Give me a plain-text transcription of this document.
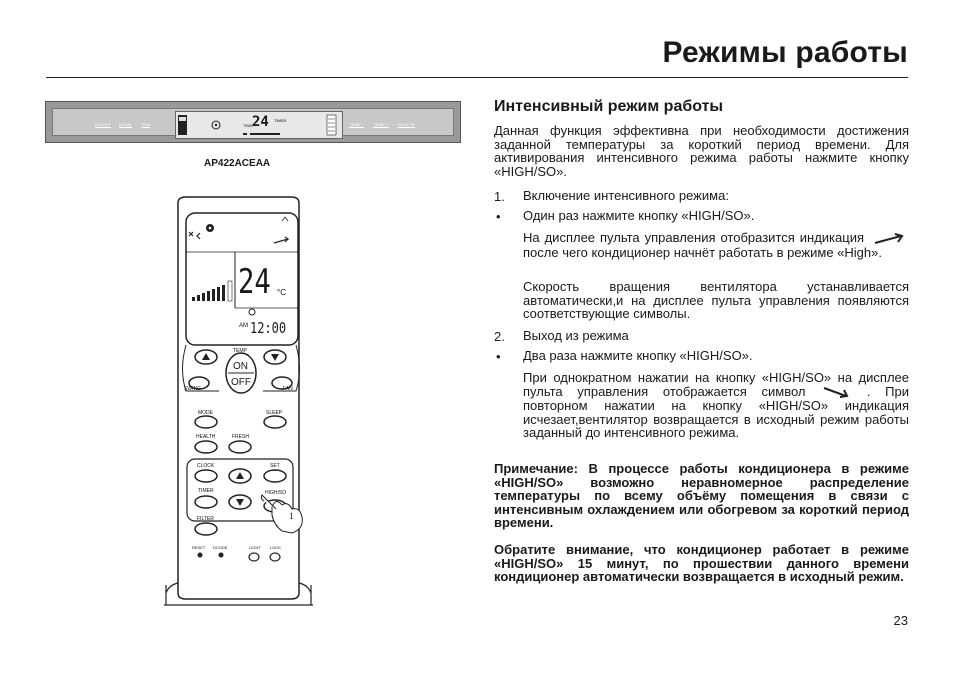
Режимы работы
ON/OFF MODE	FAN	TEMP
24 TIMER
TEMP - TEMP + HEALTH
AP422ACEAA
24 °C
AM 12:00
TEMP
ON
OFF
SWING	FAN
MODE	SLEEP
HEALTH	FRESH
CLOCK	SET
TIMER	HIGH/SO
1
FILTER
RESET DCODE	LIGHT LOCK
Интенсивный режим работы
Данная функция эффективна при необходимости достижения заданной температуры за короткий период времени. Для активирования интенсивного режима работы нажмите кнопку «HIGH/SO».
1. Включение интенсивного режима:
• Один раз нажмите кнопку «HIGH/SO».
На дисплее пульта управления отобразится индикация  после чего кондиционер начнёт работать в режиме «High».
Скорость вращения вентилятора устанавливается автоматически,и на дисплее пульта управления появляются соответствующие символы.
2. Выход из режима
• Два раза нажмите кнопку «HIGH/SO».
При однократном нажатии на кнопку «HIGH/SO» на дисплее пульта управления отображается символ	. При повторном нажатии на кнопку «HIGH/SO» индикация исчезает,вентилятор возвращается в исходный режим работы заданный до интенсивного режима.
Примечание: В процессе работы кондиционера в режиме «HIGH/SO» возможно неравномерное распределение температуры по всему объёму помещения в связи с интенсивным охлаждением или обогревом за короткий период времени.
Обратите внимание, что кондиционер работает в режиме «HIGH/SO» 15 минут, по прошествии данного времени кондиционер автоматически возвращается в исходный режим.
23
